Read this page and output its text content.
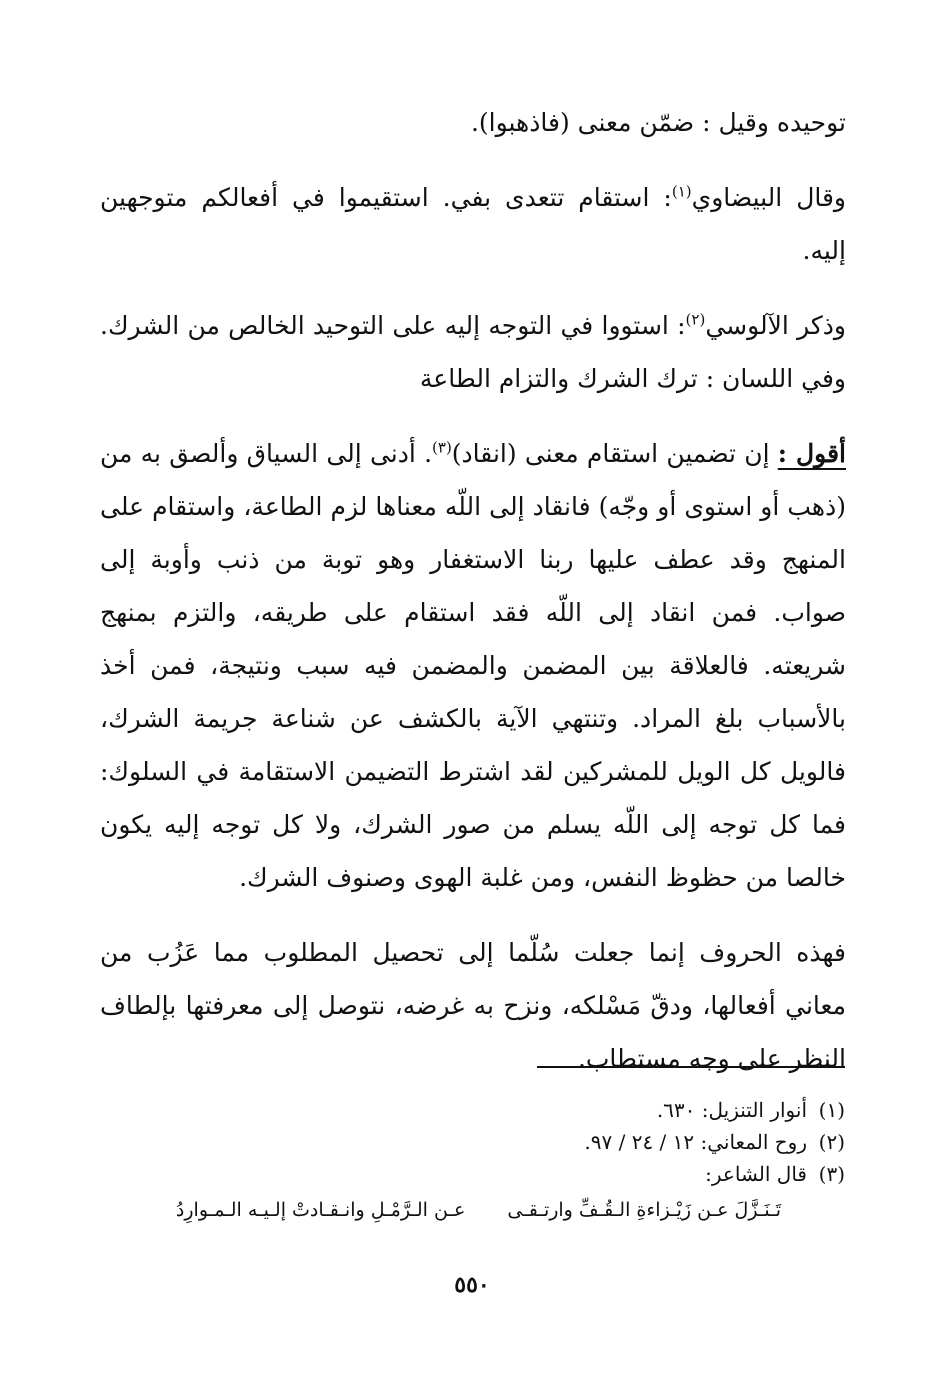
توحيده وقيل : ضمّن معنى (فاذهبوا).

وقال البيضاوي$^{(١)}$: استقام تتعدى بفي. استقيموا في أفعالكم متوجهين إليه.

وذكر الآلوسي$^{(٢)}$: استووا في التوجه إليه على التوحيد الخالص من الشرك. وفي اللسان : ترك الشرك والتزام الطاعة

أقول : إن تضمين استقام معنى (انقاد)$^{(٣)}$. أدنى إلى السياق وألصق به من (ذهب أو استوى أو وجّه) فانقاد إلى اللّه معناها لزم الطاعة، واستقام على المنهج وقد عطف عليها ربنا الاستغفار وهو توبة من ذنب وأوبة إلى صواب. فمن انقاد إلى اللّه فقد استقام على طريقه، والتزم بمنهج شريعته. فالعلاقة بين المضمن والمضمن فيه سبب ونتيجة، فمن أخذ بالأسباب بلغ المراد. وتنتهي الآية بالكشف عن شناعة جريمة الشرك، فالويل كل الويل للمشركين لقد اشترط التضيمن الاستقامة في السلوك: فما كل توجه إلى اللّه يسلم من صور الشرك، ولا كل توجه إليه يكون خالصا من حظوظ النفس، ومن غلبة الهوى وصنوف الشرك.

فهذه الحروف إنما جعلت سُلّما إلى تحصيل المطلوب مما عَزُب من معاني أفعالها، ودقّ مَسْلكه، ونزح به غرضه، نتوصل إلى معرفتها بإلطاف النظر على وجه مستطاب.

(١)أنوار التنزيل: ٦٣٠.
(٢)روح المعاني: ١٢ / ٢٤ / ٩٧.
(٣)قال الشاعر:
تَـنَـزَّلَ عـن زَيْـزاءةِ الـقُـفِّ وارتـقـى
عـن الـرَّمْـلِ وانـقـادتْ إلـيـه الـمـوارِدُ
٥٥٠
